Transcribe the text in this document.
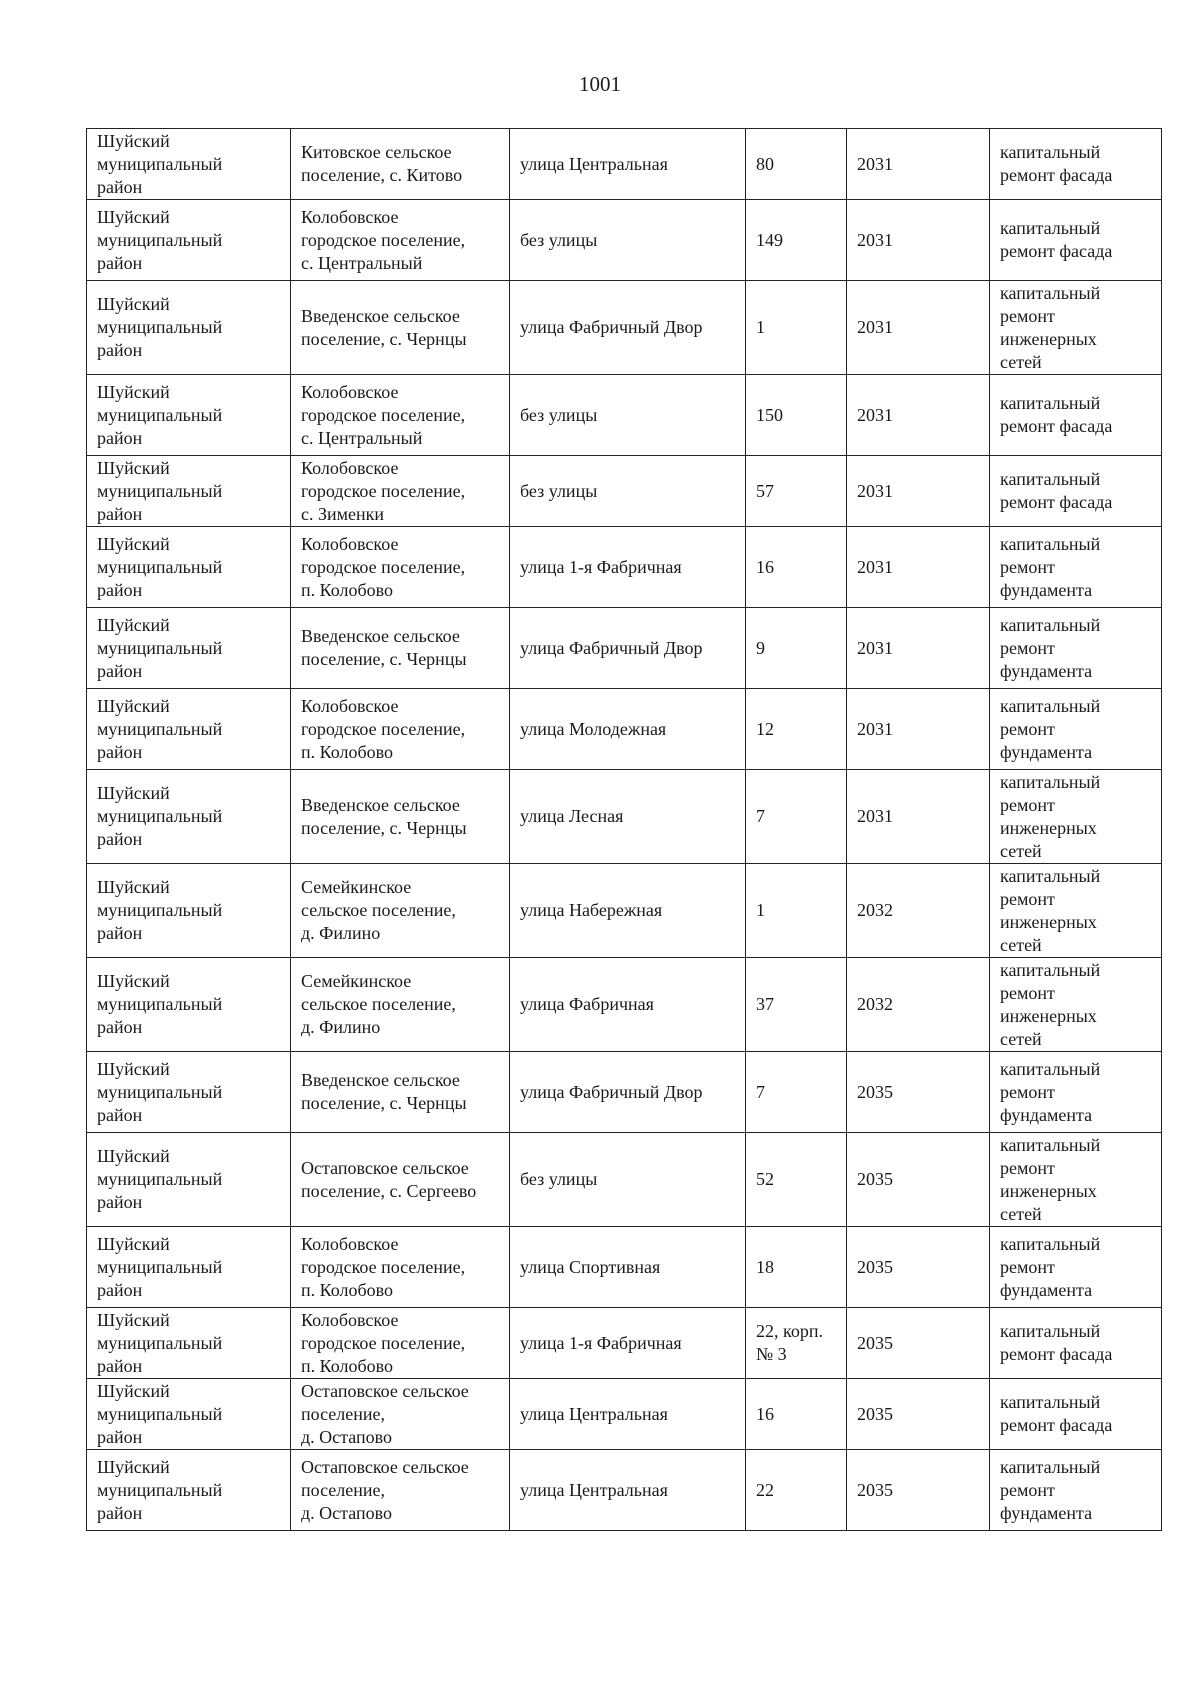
1001
Шуйский
муниципальный
район	Китовское сельское
поселение, с. Китово	улица Центральная	80	2031	капитальный
ремонт фасада
Шуйский
муниципальный
район	Колобовское
городское поселение,
с. Центральный	без улицы	149	2031	капитальный
ремонт фасада
Шуйский
муниципальный
район	Введенское сельское
поселение, с. Чернцы	улица Фабричный Двор	1	2031	капитальный
ремонт
инженерных
сетей
Шуйский
муниципальный
район	Колобовское
городское поселение,
с. Центральный	без улицы	150	2031	капитальный
ремонт фасада
Шуйский
муниципальный
район	Колобовское
городское поселение,
с. Зименки	без улицы	57	2031	капитальный
ремонт фасада
Шуйский
муниципальный
район	Колобовское
городское поселение,
п. Колобово	улица 1-я Фабричная	16	2031	капитальный
ремонт
фундамента
Шуйский
муниципальный
район	Введенское сельское
поселение, с. Чернцы	улица Фабричный Двор	9	2031	капитальный
ремонт
фундамента
Шуйский
муниципальный
район	Колобовское
городское поселение,
п. Колобово	улица Молодежная	12	2031	капитальный
ремонт
фундамента
Шуйский
муниципальный
район	Введенское сельское
поселение, с. Чернцы	улица Лесная	7	2031	капитальный
ремонт
инженерных
сетей
Шуйский
муниципальный
район	Семейкинское
сельское поселение,
д. Филино	улица Набережная	1	2032	капитальный
ремонт
инженерных
сетей
Шуйский
муниципальный
район	Семейкинское
сельское поселение,
д. Филино	улица Фабричная	37	2032	капитальный
ремонт
инженерных
сетей
Шуйский
муниципальный
район	Введенское сельское
поселение, с. Чернцы	улица Фабричный Двор	7	2035	капитальный
ремонт
фундамента
Шуйский
муниципальный
район	Остаповское сельское
поселение, с. Сергеево	без улицы	52	2035	капитальный
ремонт
инженерных
сетей
Шуйский
муниципальный
район	Колобовское
городское поселение,
п. Колобово	улица Спортивная	18	2035	капитальный
ремонт
фундамента
Шуйский
муниципальный
район	Колобовское
городское поселение,
п. Колобово	улица 1-я Фабричная	22, корп.
№ 3	2035	капитальный
ремонт фасада
Шуйский
муниципальный
район	Остаповское сельское
поселение,
д. Остапово	улица Центральная	16	2035	капитальный
ремонт фасада
Шуйский
муниципальный
район	Остаповское сельское
поселение,
д. Остапово	улица Центральная	22	2035	капитальный
ремонт
фундамента
